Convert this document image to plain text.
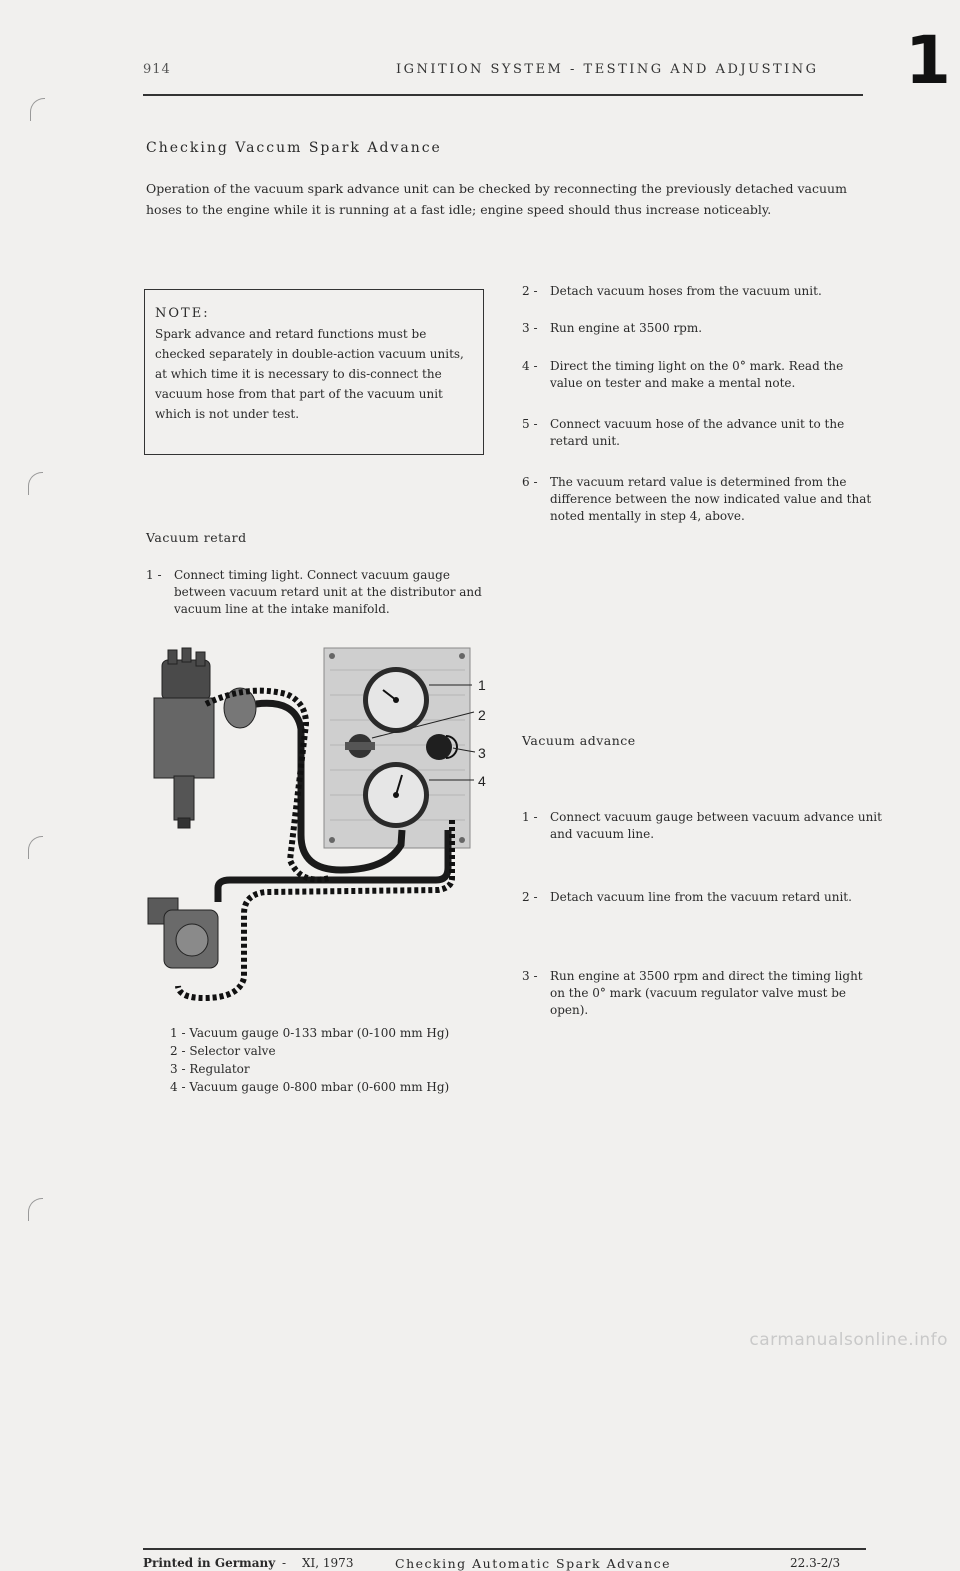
914	IGNITION SYSTEM - TESTING AND ADJUSTING 1
Checking Vaccum Spark Advance
Operation of the vacuum spark advance unit can be checked by reconnecting the previously detached vacuum hoses to the engine while it is running at a fast idle; engine speed should thus increase noticeably.
NOTE:
Spark advance and retard functions must be checked separately in double-action vacuum units, at which time it is necessary to dis-connect the vacuum hose from that part of the vacuum unit which is not under test.
Vacuum retard
1 - Connect timing light. Connect vacuum gauge between vacuum retard unit at the distributor and vacuum line at the intake manifold.
2 - Detach vacuum hoses from the vacuum unit.
3 - Run engine at 3500 rpm.
4 - Direct the timing light on the 0° mark. Read the value on tester and make a mental note.
5 - Connect vacuum hose of the advance unit to the retard unit.
6 - The vacuum retard value is determined from the difference between the now indicated value and that noted mentally in step 4, above.
1
2
3
4
1 - Vacuum gauge 0-133 mbar (0-100 mm Hg)
2 - Selector valve
3 - Regulator
4 - Vacuum gauge 0-800 mbar (0-600 mm Hg)
Vacuum advance
1 - Connect vacuum gauge between vacuum advance unit and vacuum line.
2 - Detach vacuum line from the vacuum retard unit.
3 - Run engine at 3500 rpm and direct the timing light on the 0° mark (vacuum regulator valve must be open).
Printed in Germany - XI, 1973	Checking Automatic Spark Advance	22.3-2/3
carmanualsonline.info
